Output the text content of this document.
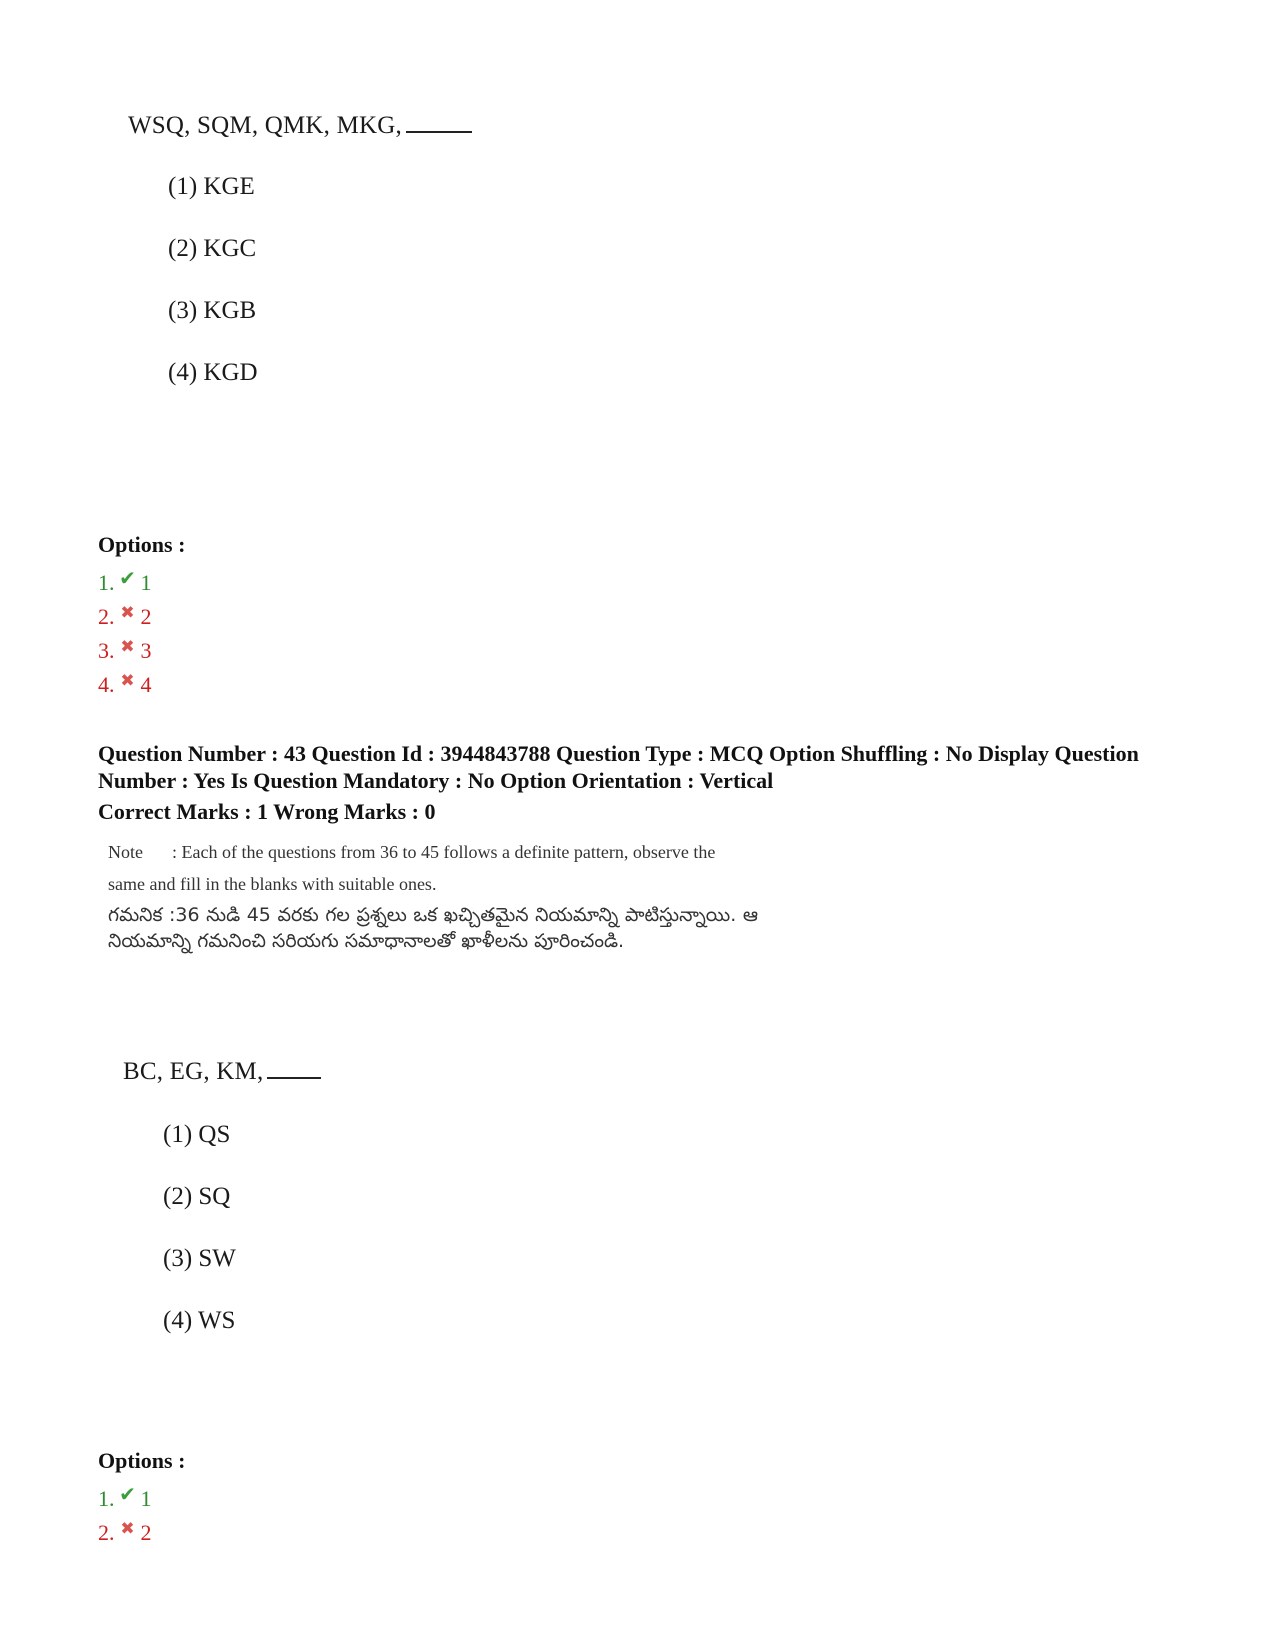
WSQ, SQM, QMK, MKG,
(1) KGE
(2) KGC
(3) KGB
(4) KGD
Options :
1. ✔ 1
2. ✖ 2
3. ✖ 3
4. ✖ 4
Question Number : 43 Question Id : 3944843788 Question Type : MCQ Option Shuffling : No Display Question Number : Yes Is Question Mandatory : No Option Orientation : Vertical
Correct Marks : 1 Wrong Marks : 0
Note : Each of the questions from 36 to 45 follows a definite pattern, observe the
same and fill in the blanks with suitable ones.
గమనిక :36 నుడి 45 వరకు గల ప్రశ్నలు ఒక ఖచ్చితమైన నియమాన్ని పాటిస్తున్నాయి. ఆ నియమాన్ని గమనించి సరియగు సమాధానాలతో ఖాళీలను పూరించండి.
BC, EG, KM,
(1) QS
(2) SQ
(3) SW
(4) WS
Options :
1. ✔ 1
2. ✖ 2
